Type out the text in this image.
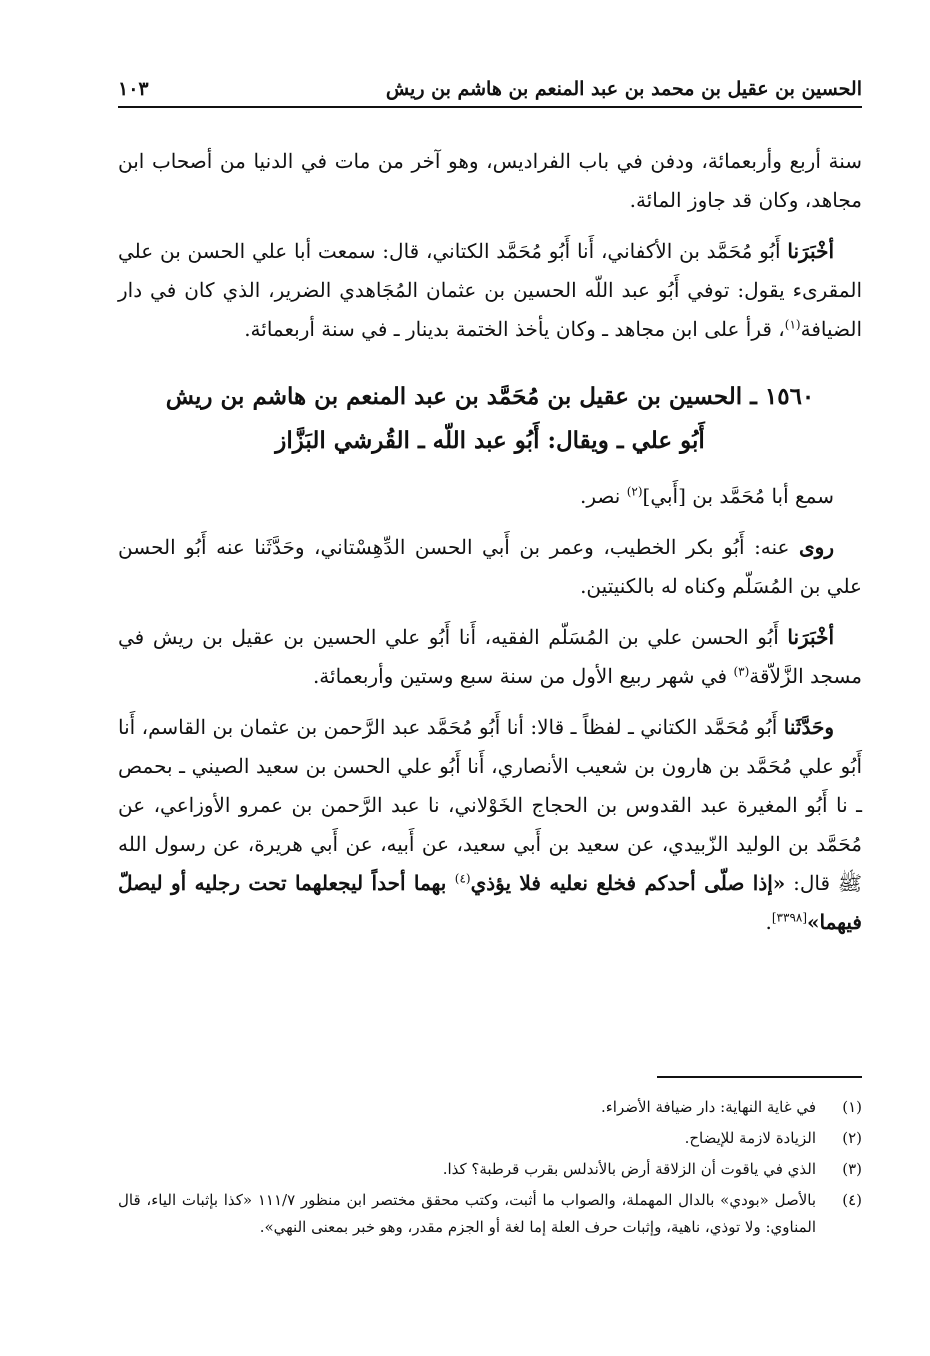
الحسين بن عقيل بن محمد بن عبد المنعم بن هاشم بن ريش
١٠٣

سنة أربع وأربعمائة، ودفن في باب الفراديس، وهو آخر من مات في الدنيا من أصحاب ابن مجاهد، وكان قد جاوز المائة.

أخْبَرَنا أَبُو مُحَمَّد بن الأكفاني، أَنا أَبُو مُحَمَّد الكتاني، قال: سمعت أبا علي الحسن بن علي المقرىء يقول: توفي أَبُو عبد اللّه الحسين بن عثمان المُجَاهدي الضرير، الذي كان في دار الضيافة$^{(١)}$، قرأ على ابن مجاهد ـ وكان يأخذ الختمة بدينار ـ في سنة أربعمائة.

١٥٦٠ ـ الحسين بن عقيل بن مُحَمَّد بن عبد المنعم بن هاشم بن ريش
أَبُو علي ـ ويقال: أَبُو عبد اللّه ـ القُرشي البَزَّاز

سمع أبا مُحَمَّد بن [أَبي]$^{(٢)}$ نصر.

روى عنه: أَبُو بكر الخطيب، وعمر بن أَبي الحسن الدِّهِسْتاني، وحَدَّثَنا عنه أَبُو الحسن علي بن المُسَلّم وكناه له بالكنيتين.

أخْبَرَنا أَبُو الحسن علي بن المُسَلّم الفقيه، أَنا أَبُو علي الحسين بن عقيل بن ريش في مسجد الزَّلاّقة$^{(٣)}$ في شهر ربيع الأول من سنة سبع وستين وأربعمائة.

وحَدَّثَنا أَبُو مُحَمَّد الكتاني ـ لفظاً ـ قالا: أنا أَبُو مُحَمَّد عبد الرَّحمن بن عثمان بن القاسم، أَنا أَبُو علي مُحَمَّد بن هارون بن شعيب الأنصاري، أَنا أَبُو علي الحسن بن سعيد الصيني ـ بحمص ـ نا أَبُو المغيرة عبد القدوس بن الحجاج الخَوْلاني، نا عبد الرَّحمن بن عمرو الأوزاعي، عن مُحَمَّد بن الوليد الزّبيدي، عن سعيد بن أَبي سعيد، عن أَبيه، عن أَبي هريرة، عن رسول الله ﷺ قال: «إذا صلّى أحدكم فخلع نعليه فلا يؤذي$^{(٤)}$ بهما أحداً ليجعلهما تحت رجليه أو ليصلّ فيهما»[٣٣٩٨].

(١)
في غاية النهاية: دار ضيافة الأضراء.
(٢)
الزيادة لازمة للإيضاح.
(٣)
الذي في ياقوت أن الزلاقة أرض بالأندلس بقرب قرطبة؟ كذا.
(٤)
بالأصل «بودي» بالدال المهملة، والصواب ما أثبت، وكتب محقق مختصر ابن منظور ١١١/٧ «كذا بإثبات الياء، قال المناوي: ولا توذي، ناهية، وإثبات حرف العلة إما لغة أو الجزم مقدر، وهو خبر بمعنى النهي».
